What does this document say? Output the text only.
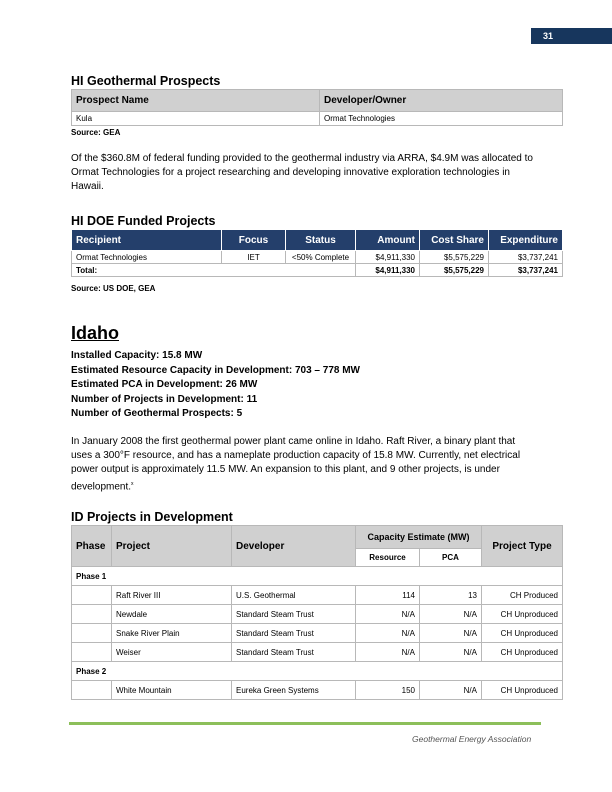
31
HI Geothermal Prospects
Prospect Name	Developer/Owner
Kula	Ormat Technologies
Source: GEA

Of the $360.8M of federal funding provided to the geothermal industry via ARRA, $4.9M was allocated to Ormat Technologies for a project researching and developing innovative exploration technologies in Hawaii.

HI DOE Funded Projects
Recipient	Focus	Status	Amount	Cost Share	Expenditure
Ormat Technologies	IET	<50% Complete	$4,911,330	$5,575,229	$3,737,241
Total:			$4,911,330	$5,575,229	$3,737,241
Source: US DOE, GEA
Idaho
Installed Capacity: 15.8 MW
Estimated Resource Capacity in Development: 703 – 778 MW
Estimated PCA in Development: 26 MW
Number of Projects in Development: 11
Number of Geothermal Prospects: 5

In January 2008 the first geothermal power plant came online in Idaho. Raft River, a binary plant that uses a 300°F resource, and has a nameplate production capacity of 15.8 MW. Currently, net electrical power output is approximately 11.5 MW. An expansion to this plant, and 9 other projects, is under development.$^x$

ID Projects in Development
Phase	Project	Developer	Capacity Estimate (MW)		Project Type
			Resource	PCA	
Phase 1					
	Raft River III	U.S. Geothermal	114	13	CH Produced
	Newdale	Standard Steam Trust	N/A	N/A	CH Unproduced
	Snake River Plain	Standard Steam Trust	N/A	N/A	CH Unproduced
	Weiser	Standard Steam Trust	N/A	N/A	CH Unproduced
Phase 2					
	White Mountain	Eureka Green Systems	150	N/A	CH Unproduced
Geothermal Energy Association
